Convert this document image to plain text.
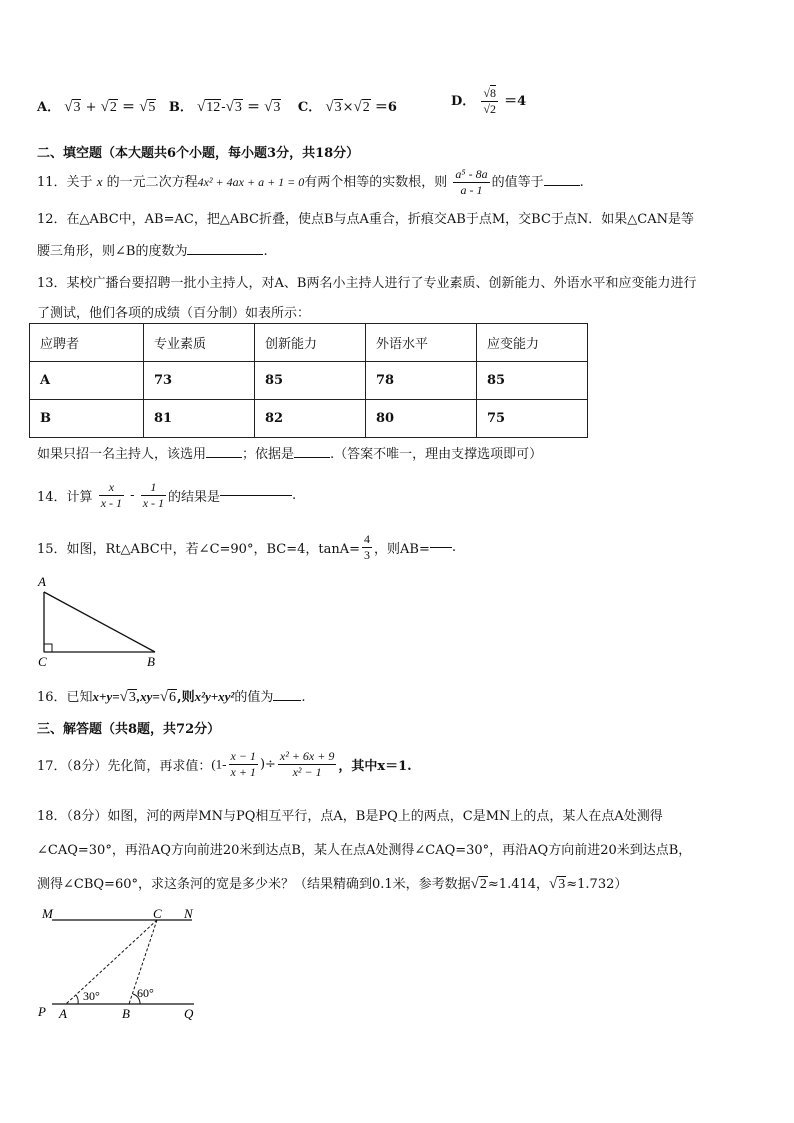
A． √3 + √2 ＝ √5 B． √12-√3 ＝ √3 C． √3×√2 ＝6	D． $\frac{√8}{√2} =4$
二、填空题（本大题共6个小题，每小题3分，共18分）
11．关于 x 的一元二次方程4x² + 4ax + a + 1 = 0有两个相等的实数根，则 $\frac{\text{a⁵ - 8a}}{a - 1}$ 的值等于	.
12．在△ABC中，AB=AC，把△ABC折叠，使点B与点A重合，折痕交AB于点M，交BC于点N．如果△CAN是等
腰三角形，则∠B的度数为	.
13．某校广播台要招聘一批小主持人，对A、B两名小主持人进行了专业素质、创新能力、外语水平和应变能力进行
了测试，他们各项的成绩（百分制）如表所示：
应聘者	专业素质	创新能力	外语水平	应变能力
A	73	85	78	85
B	81	82	80	75
如果只招一名主持人，该选用	；依据是	.（答案不唯一，理由支撑选项即可）
14．计算 $\frac{x}{x - 1} - \frac{1}{x - 1}$ 的结果是	.
15．如图，Rt△ABC中，若∠C=90°，BC=4，$\tan A= \frac{4}{3}$ ，则AB= .
A
C	B
16．已知x+y=√3,xy=√6,则x²y+xy²的值为 .
三、解答题（共8题，共72分）
17．（8分）先化简，再求值：($1- \frac{x - 1}{x + 1}$ )÷ $\frac{\text{x² + 6x + 9}}{\text{x² − 1}}$ ，其中x＝1.
18．（8分）如图，河的两岸MN与PQ相互平行，点A，B是PQ上的两点，C是MN上的点，某人在点A处测得
∠CAQ=30°，再沿AQ方向前进20米到达点B，某人在点A处测得∠CAQ=30°，再沿AQ方向前进20米到达点B，
测得∠CBQ=60°，求这条河的宽是多少米？（结果精确到0.1米，参考数据√2≈1.414，√3≈1.732）
M	C N
P A	B	Q
30°	60°
